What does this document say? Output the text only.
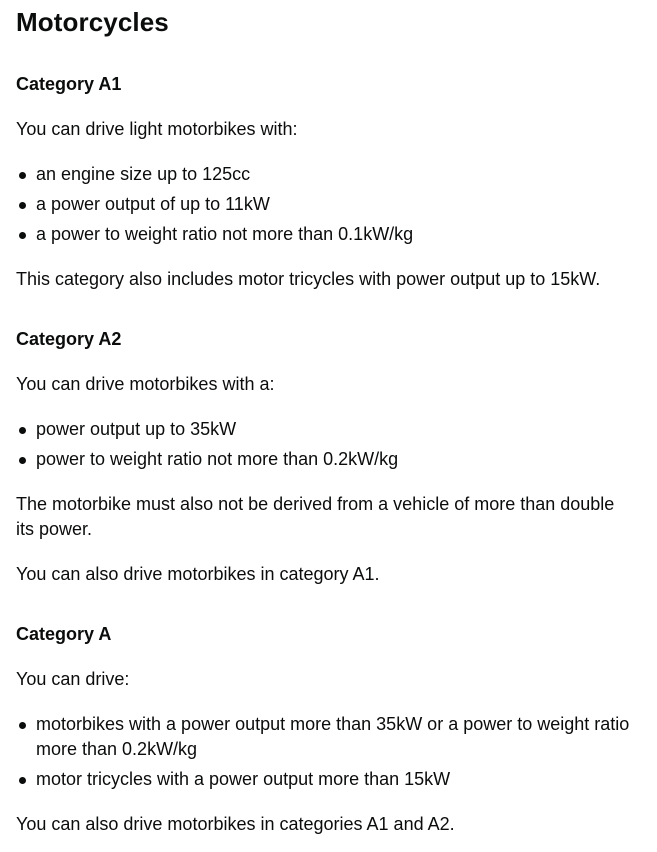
Motorcycles
Category A1

You can drive light motorbikes with:

an engine size up to 125cc
a power output of up to 11kW
a power to weight ratio not more than 0.1kW/kg

This category also includes motor tricycles with power output up to 15kW.

Category A2

You can drive motorbikes with a:

power output up to 35kW
power to weight ratio not more than 0.2kW/kg

The motorbike must also not be derived from a vehicle of more than double its power.

You can also drive motorbikes in category A1.

Category A

You can drive:

motorbikes with a power output more than 35kW or a power to weight ratio more than 0.2kW/kg
motor tricycles with a power output more than 15kW

You can also drive motorbikes in categories A1 and A2.
